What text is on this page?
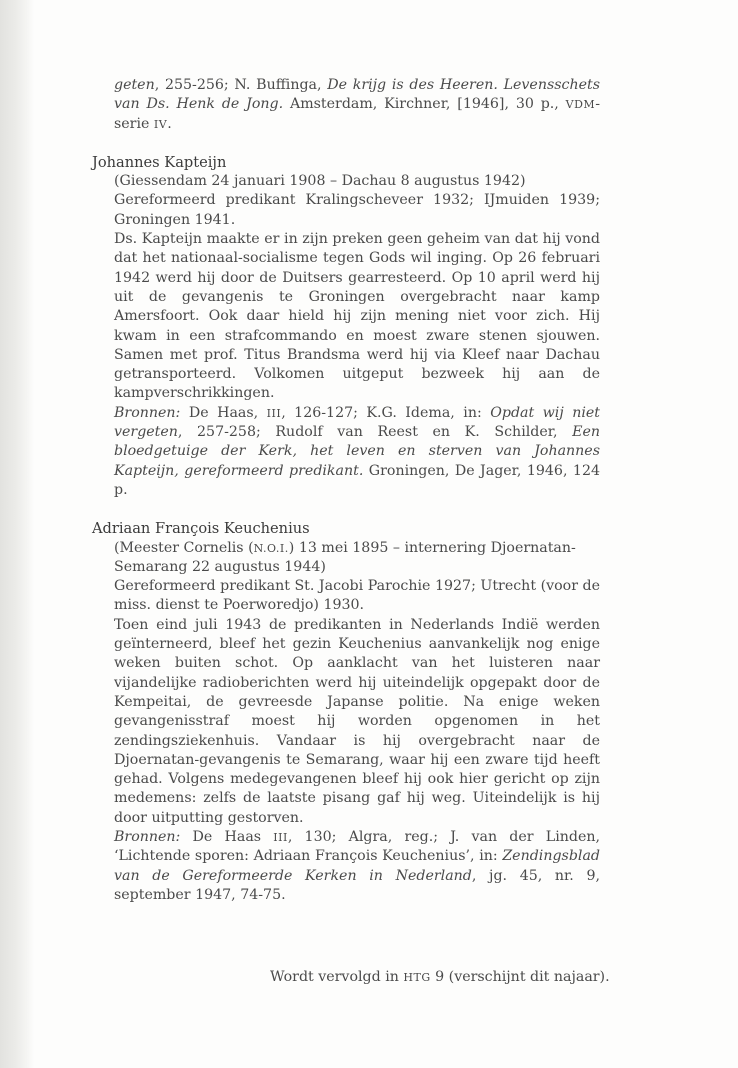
geten, 255-256; N. Buffinga, De krijg is des Heeren. Levensschets van Ds. Henk de Jong. Amsterdam, Kirchner, [1946], 30 p., VDM-serie IV.

Johannes Kapteijn

(Giessendam 24 januari 1908 – Dachau 8 augustus 1942)

Gereformeerd predikant Kralingscheveer 1932; IJmuiden 1939; Groningen 1941.

Ds. Kapteijn maakte er in zijn preken geen geheim van dat hij vond dat het nationaal-socialisme tegen Gods wil inging. Op 26 februari 1942 werd hij door de Duitsers gearresteerd. Op 10 april werd hij uit de gevangenis te Groningen overgebracht naar kamp Amersfoort. Ook daar hield hij zijn mening niet voor zich. Hij kwam in een strafcommando en moest zware stenen sjouwen. Samen met prof. Titus Brandsma werd hij via Kleef naar Dachau getransporteerd. Volkomen uitgeput bezweek hij aan de kampverschrikkingen.

Bronnen: De Haas, III, 126-127; K.G. Idema, in: Opdat wij niet vergeten, 257-258; Rudolf van Reest en K. Schilder, Een bloedgetuige der Kerk, het leven en sterven van Johannes Kapteijn, gereformeerd predikant. Groningen, De Jager, 1946, 124 p.

Adriaan François Keuchenius

(Meester Cornelis (N.O.I.) 13 mei 1895 – internering Djoernatan-Semarang 22 augustus 1944)

Gereformeerd predikant St. Jacobi Parochie 1927; Utrecht (voor de miss. dienst te Poerworedjo) 1930.

Toen eind juli 1943 de predikanten in Nederlands Indië werden geïnterneerd, bleef het gezin Keuchenius aanvankelijk nog enige weken buiten schot. Op aanklacht van het luisteren naar vijandelijke radioberichten werd hij uiteindelijk opgepakt door de Kempeitai, de gevreesde Japanse politie. Na enige weken gevangenisstraf moest hij worden opgenomen in het zendingsziekenhuis. Vandaar is hij overgebracht naar de Djoernatan-gevangenis te Semarang, waar hij een zware tijd heeft gehad. Volgens medegevangenen bleef hij ook hier gericht op zijn medemens: zelfs de laatste pisang gaf hij weg. Uiteindelijk is hij door uitputting gestorven.

Bronnen: De Haas III, 130; Algra, reg.; J. van der Linden, ‘Lichtende sporen: Adriaan François Keuchenius’, in: Zendingsblad van de Gereformeerde Kerken in Nederland, jg. 45, nr. 9, september 1947, 74-75.

Wordt vervolgd in HTG 9 (verschijnt dit najaar).
